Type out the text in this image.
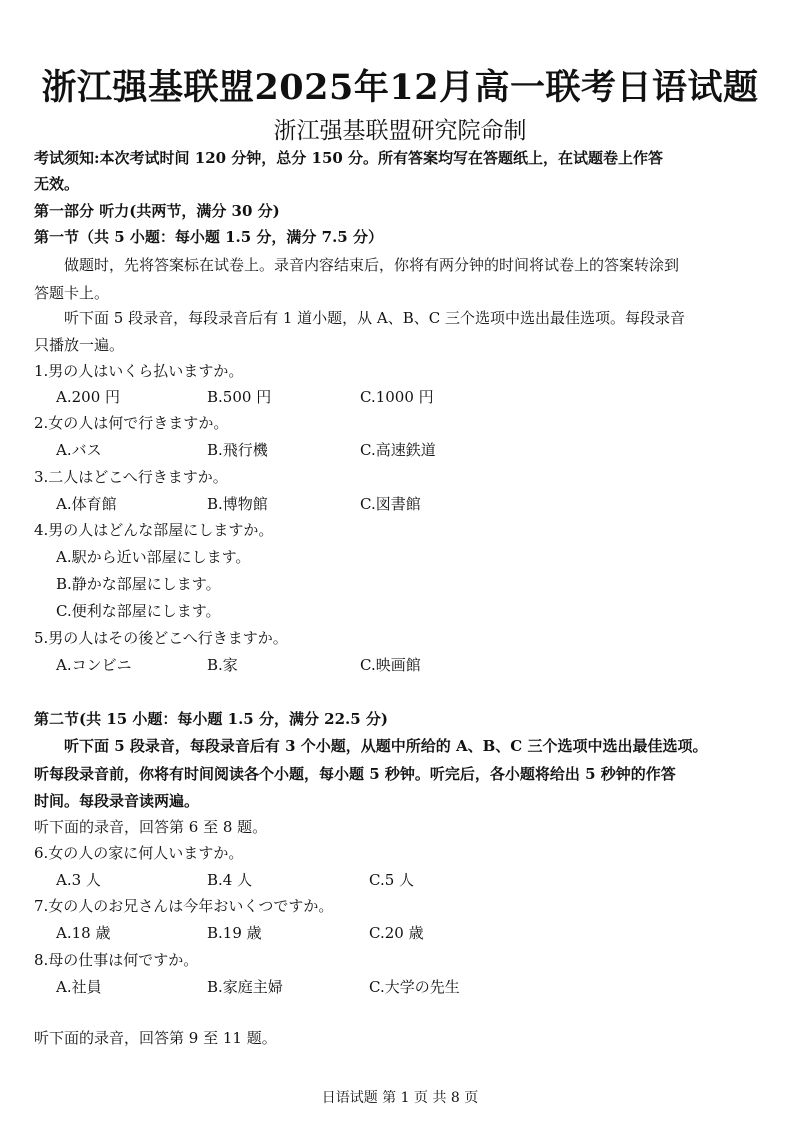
浙江强基联盟2025年12月高一联考日语试题
浙江强基联盟研究院命制
考试须知:本次考试时间 120 分钟，总分 150 分。所有答案均写在答题纸上，在试题卷上作答
无效。
第一部分 听力(共两节，满分 30 分)
第一节（共 5 小题：每小题 1.5 分，满分 7.5 分）
做题时，先将答案标在试卷上。录音内容结束后，你将有两分钟的时间将试卷上的答案转涂到
答题卡上。
听下面 5 段录音，每段录音后有 1 道小题，从 A、B、C 三个选项中选出最佳选项。每段录音
只播放一遍。
1.男の人はいくら払いますか。
A.200 円	B.500 円	C.1000 円
2.女の人は何で行きますか。
A.バス	B.飛行機	C.高速鉄道
3.二人はどこへ行きますか。
A.体育館	B.博物館	C.図書館
4.男の人はどんな部屋にしますか。
A.駅から近い部屋にします。
B.静かな部屋にします。
C.便利な部屋にします。
5.男の人はその後どこへ行きますか。
A.コンビニ	B.家	C.映画館
第二节(共 15 小题：每小题 1.5 分，满分 22.5 分)
听下面 5 段录音，每段录音后有 3 个小题，从题中所给的 A、B、C 三个选项中选出最佳选项。
听每段录音前，你将有时间阅读各个小题，每小题 5 秒钟。听完后，各小题将给出 5 秒钟的作答
时间。每段录音读两遍。
听下面的录音，回答第 6 至 8 题。
6.女の人の家に何人いますか。
A.3 人	B.4 人	C.5 人
7.女の人のお兄さんは今年おいくつですか。
A.18 歳	B.19 歳	C.20 歳
8.母の仕事は何ですか。
A.社員	B.家庭主婦	C.大学の先生
听下面的录音，回答第 9 至 11 题。
日语试题 第 1 页 共 8 页
